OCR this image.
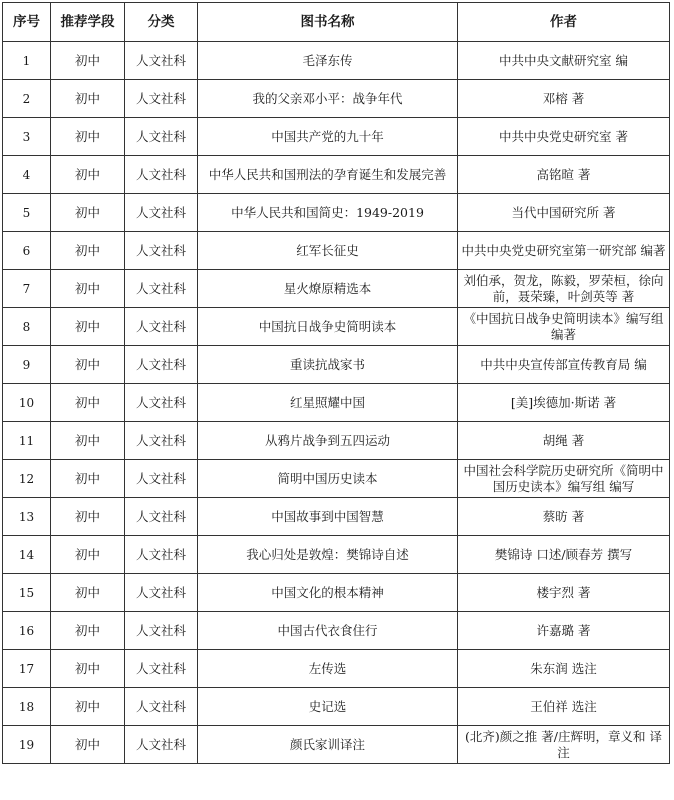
序号	推荐学段	分类	图书名称	作者
1	初中	人文社科	毛泽东传	中共中央文献研究室 编
2	初中	人文社科	我的父亲邓小平：战争年代	邓榕 著
3	初中	人文社科	中国共产党的九十年	中共中央党史研究室 著
4	初中	人文社科	中华人民共和国刑法的孕育诞生和发展完善	高铭暄 著
5	初中	人文社科	中华人民共和国简史：1949-2019	当代中国研究所 著
6	初中	人文社科	红军长征史	中共中央党史研究室第一研究部 编著
7	初中	人文社科	星火燎原精选本	刘伯承，贺龙，陈毅，罗荣桓，徐向前，聂荣臻，叶剑英等 著
8	初中	人文社科	中国抗日战争史简明读本	《中国抗日战争史简明读本》编写组 编著
9	初中	人文社科	重读抗战家书	中共中央宣传部宣传教育局 编
10	初中	人文社科	红星照耀中国	[美]埃德加·斯诺 著
11	初中	人文社科	从鸦片战争到五四运动	胡绳 著
12	初中	人文社科	简明中国历史读本	中国社会科学院历史研究所《简明中国历史读本》编写组 编写
13	初中	人文社科	中国故事到中国智慧	蔡昉 著
14	初中	人文社科	我心归处是敦煌：樊锦诗自述	樊锦诗 口述/顾春芳 撰写
15	初中	人文社科	中国文化的根本精神	楼宇烈 著
16	初中	人文社科	中国古代衣食住行	许嘉璐 著
17	初中	人文社科	左传选	朱东润 选注
18	初中	人文社科	史记选	王伯祥 选注
19	初中	人文社科	颜氏家训译注	(北齐)颜之推 著/庄辉明，章义和 译注
